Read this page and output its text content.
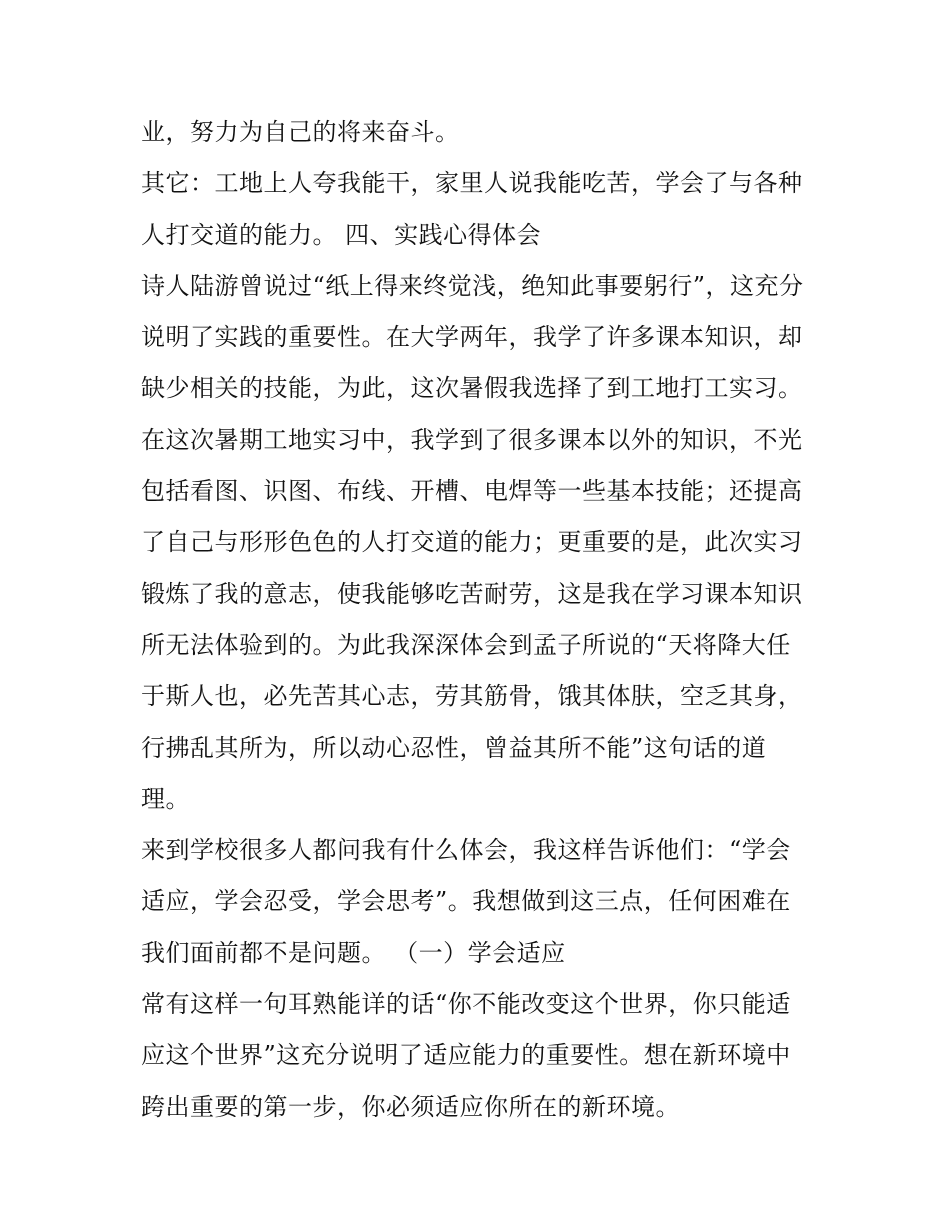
业，努力为自己的将来奋斗。
其它：工地上人夸我能干，家里人说我能吃苦，学会了与各种
人打交道的能力。 四、实践心得体会
诗人陆游曾说过“纸上得来终觉浅，绝知此事要躬行”，这充分
说明了实践的重要性。在大学两年，我学了许多课本知识，却
缺少相关的技能，为此，这次暑假我选择了到工地打工实习。
在这次暑期工地实习中，我学到了很多课本以外的知识，不光
包括看图、识图、布线、开槽、电焊等一些基本技能；还提高
了自己与形形色色的人打交道的能力；更重要的是，此次实习
锻炼了我的意志，使我能够吃苦耐劳，这是我在学习课本知识
所无法体验到的。为此我深深体会到孟子所说的“天将降大任
于斯人也，必先苦其心志，劳其筋骨，饿其体肤，空乏其身，
行拂乱其所为，所以动心忍性，曾益其所不能”这句话的道
理。
来到学校很多人都问我有什么体会，我这样告诉他们：“学会
适应，学会忍受，学会思考”。我想做到这三点，任何困难在
我们面前都不是问题。 （一）学会适应
常有这样一句耳熟能详的话“你不能改变这个世界，你只能适
应这个世界”这充分说明了适应能力的重要性。想在新环境中
跨出重要的第一步，你必须适应你所在的新环境。
